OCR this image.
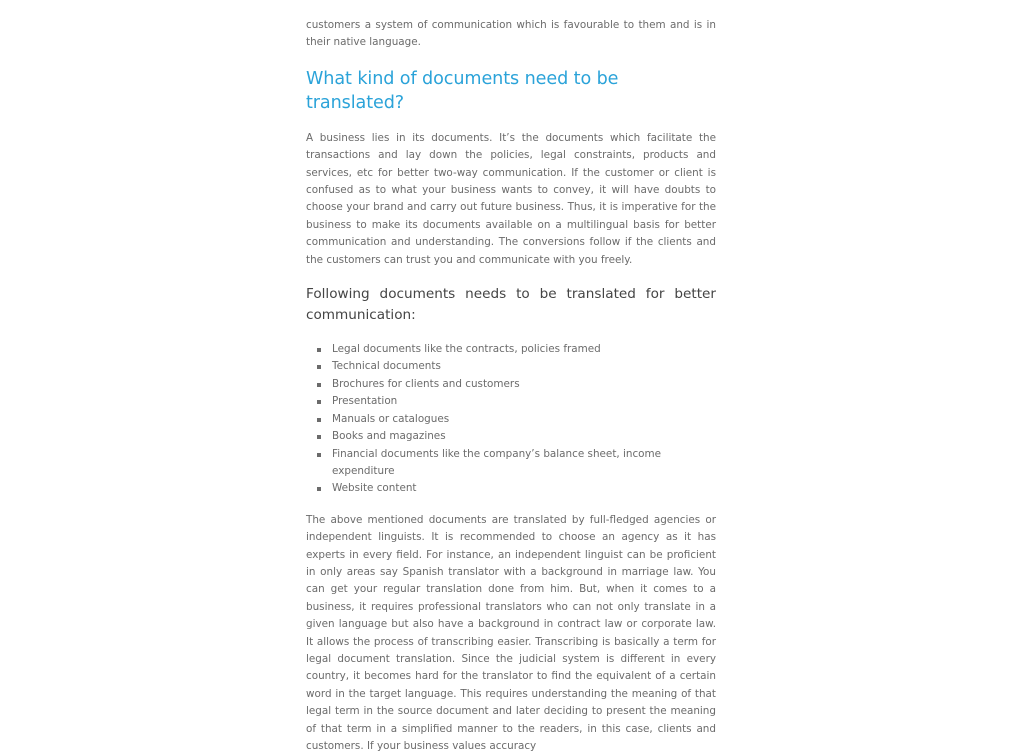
customers a system of communication which is favourable to them and is in their native language.

What kind of documents need to be translated?

A business lies in its documents. It’s the documents which facilitate the transactions and lay down the policies, legal constraints, products and services, etc for better two-way communication. If the customer or client is confused as to what your business wants to convey, it will have doubts to choose your brand and carry out future business. Thus, it is imperative for the business to make its documents available on a multilingual basis for better communication and understanding. The conversions follow if the clients and the customers can trust you and communicate with you freely.

Following documents needs to be translated for better communication:
Legal documents like the contracts, policies framed
Technical documents
Brochures for clients and customers
Presentation
Manuals or catalogues
Books and magazines
Financial documents like the company’s balance sheet, income expenditure
Website content

The above mentioned documents are translated by full-fledged agencies or independent linguists. It is recommended to choose an agency as it has experts in every field. For instance, an independent linguist can be proficient in only areas say Spanish translator with a background in marriage law. You can get your regular translation done from him. But, when it comes to a business, it requires professional translators who can not only translate in a given language but also have a background in contract law or corporate law. It allows the process of transcribing easier. Transcribing is basically a term for legal document translation. Since the judicial system is different in every country, it becomes hard for the translator to find the equivalent of a certain word in the target language. This requires understanding the meaning of that legal term in the source document and later deciding to present the meaning of that term in a simplified manner to the readers, in this case, clients and customers. If your business values accuracy
